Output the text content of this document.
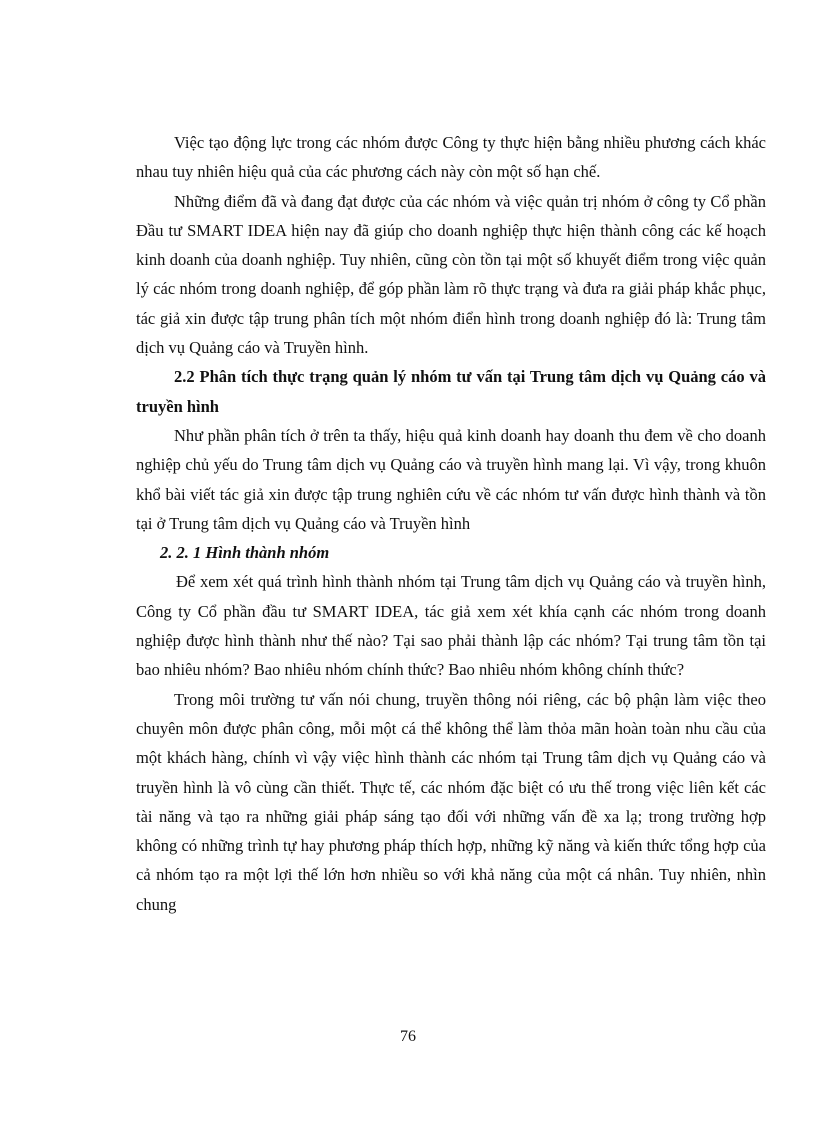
Việc tạo động lực trong các nhóm được Công ty thực hiện bằng nhiều phương cách khác nhau tuy nhiên hiệu quả của các phương cách này còn một số hạn chế.

Những điểm đã và đang đạt được của các nhóm và việc quản trị nhóm ở công ty Cổ phần Đầu tư SMART IDEA hiện nay đã giúp cho doanh nghiệp thực hiện thành công các kế hoạch kinh doanh của doanh nghiệp. Tuy nhiên, cũng còn tồn tại một số khuyết điểm trong việc quản lý các nhóm trong doanh nghiệp, để góp phần làm rõ thực trạng và đưa ra giải pháp khắc phục, tác giả xin được tập trung phân tích một nhóm điển hình trong doanh nghiệp đó là: Trung tâm dịch vụ Quảng cáo và Truyền hình.

2.2 Phân tích thực trạng quản lý nhóm tư vấn tại Trung tâm dịch vụ Quảng cáo và truyền hình

Như phần phân tích ở trên ta thấy, hiệu quả kinh doanh hay doanh thu đem về cho doanh nghiệp chủ yếu do Trung tâm dịch vụ Quảng cáo và truyền hình mang lại. Vì vậy, trong khuôn khổ bài viết tác giả xin được tập trung nghiên cứu về các nhóm tư vấn được hình thành và tồn tại ở Trung tâm dịch vụ Quảng cáo và Truyền hình

2. 2. 1 Hình thành nhóm

Để xem xét quá trình hình thành nhóm tại Trung tâm dịch vụ Quảng cáo và truyền hình, Công ty Cổ phần đầu tư SMART IDEA, tác giả xem xét khía cạnh các nhóm trong doanh nghiệp được hình thành như thế nào? Tại sao phải thành lập các nhóm? Tại trung tâm tồn tại bao nhiêu nhóm? Bao nhiêu nhóm chính thức? Bao nhiêu nhóm không chính thức?

Trong môi trường tư vấn nói chung, truyền thông nói riêng, các bộ phận làm việc theo chuyên môn được phân công, mỗi một cá thể không thể làm thỏa mãn hoàn toàn nhu cầu của một khách hàng, chính vì vậy việc hình thành các nhóm tại Trung tâm dịch vụ Quảng cáo và truyền hình là vô cùng cần thiết. Thực tế, các nhóm đặc biệt có ưu thế trong việc liên kết các tài năng và tạo ra những giải pháp sáng tạo đối với những vấn đề xa lạ; trong trường hợp không có những trình tự hay phương pháp thích hợp, những kỹ năng và kiến thức tổng hợp của cả nhóm tạo ra một lợi thế lớn hơn nhiều so với khả năng của một cá nhân. Tuy nhiên, nhìn chung

76
